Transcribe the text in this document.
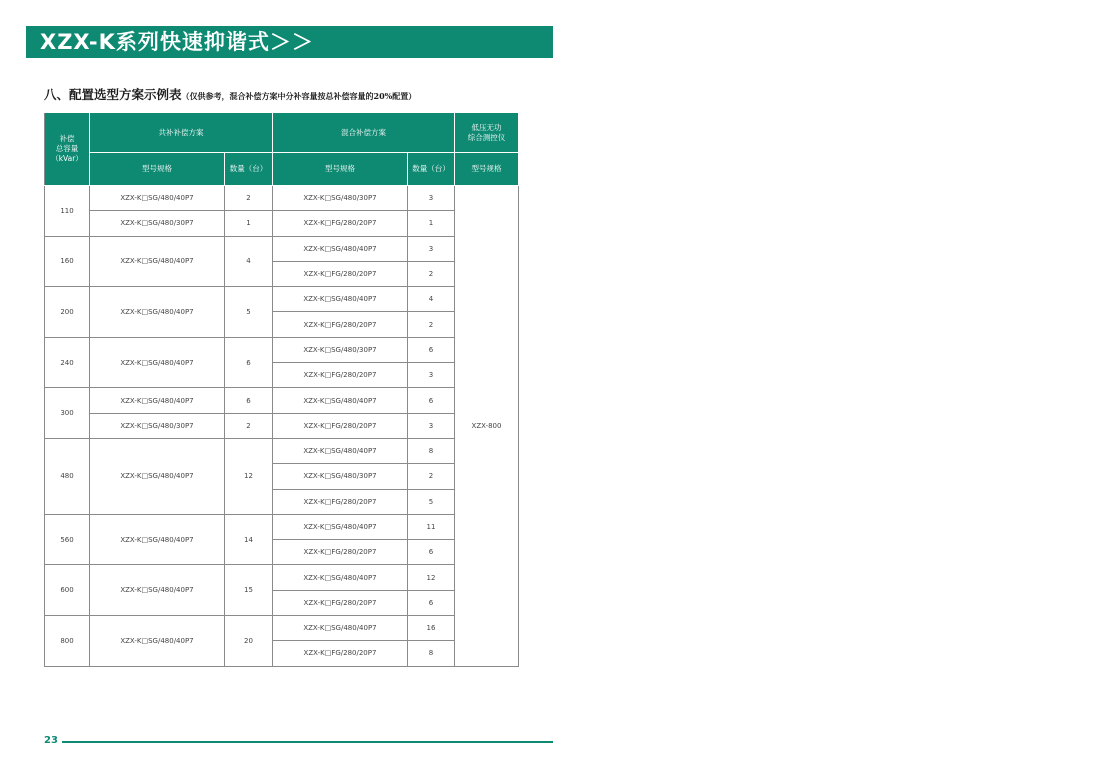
XZX-K系列快速抑谐式＞＞
八、配置选型方案示例表（仅供参考，混合补偿方案中分补容量按总补偿容量的20%配置）
补偿
总容量
（kVar）	共补补偿方案		混合补偿方案		低压无功
综合测控仪
	型号规格	数量（台）	型号规格	数量（台）	型号规格
110	XZX-K□SG/480/40P7	2	XZX-K□SG/480/30P7	3	XZX-800
	XZX-K□SG/480/30P7	1	XZX-K□FG/280/20P7	1	
160	XZX-K□SG/480/40P7	4	XZX-K□SG/480/40P7	3	
			XZX-K□FG/280/20P7	2	
200	XZX-K□SG/480/40P7	5	XZX-K□SG/480/40P7	4	
			XZX-K□FG/280/20P7	2	
240	XZX-K□SG/480/40P7	6	XZX-K□SG/480/30P7	6	
			XZX-K□FG/280/20P7	3	
300	XZX-K□SG/480/40P7	6	XZX-K□SG/480/40P7	6	
	XZX-K□SG/480/30P7	2	XZX-K□FG/280/20P7	3	
480	XZX-K□SG/480/40P7	12	XZX-K□SG/480/40P7	8	
			XZX-K□SG/480/30P7	2	
			XZX-K□FG/280/20P7	5	
560	XZX-K□SG/480/40P7	14	XZX-K□SG/480/40P7	11	
			XZX-K□FG/280/20P7	6	
600	XZX-K□SG/480/40P7	15	XZX-K□SG/480/40P7	12	
			XZX-K□FG/280/20P7	6	
800	XZX-K□SG/480/40P7	20	XZX-K□SG/480/40P7	16	
			XZX-K□FG/280/20P7	8	
23
